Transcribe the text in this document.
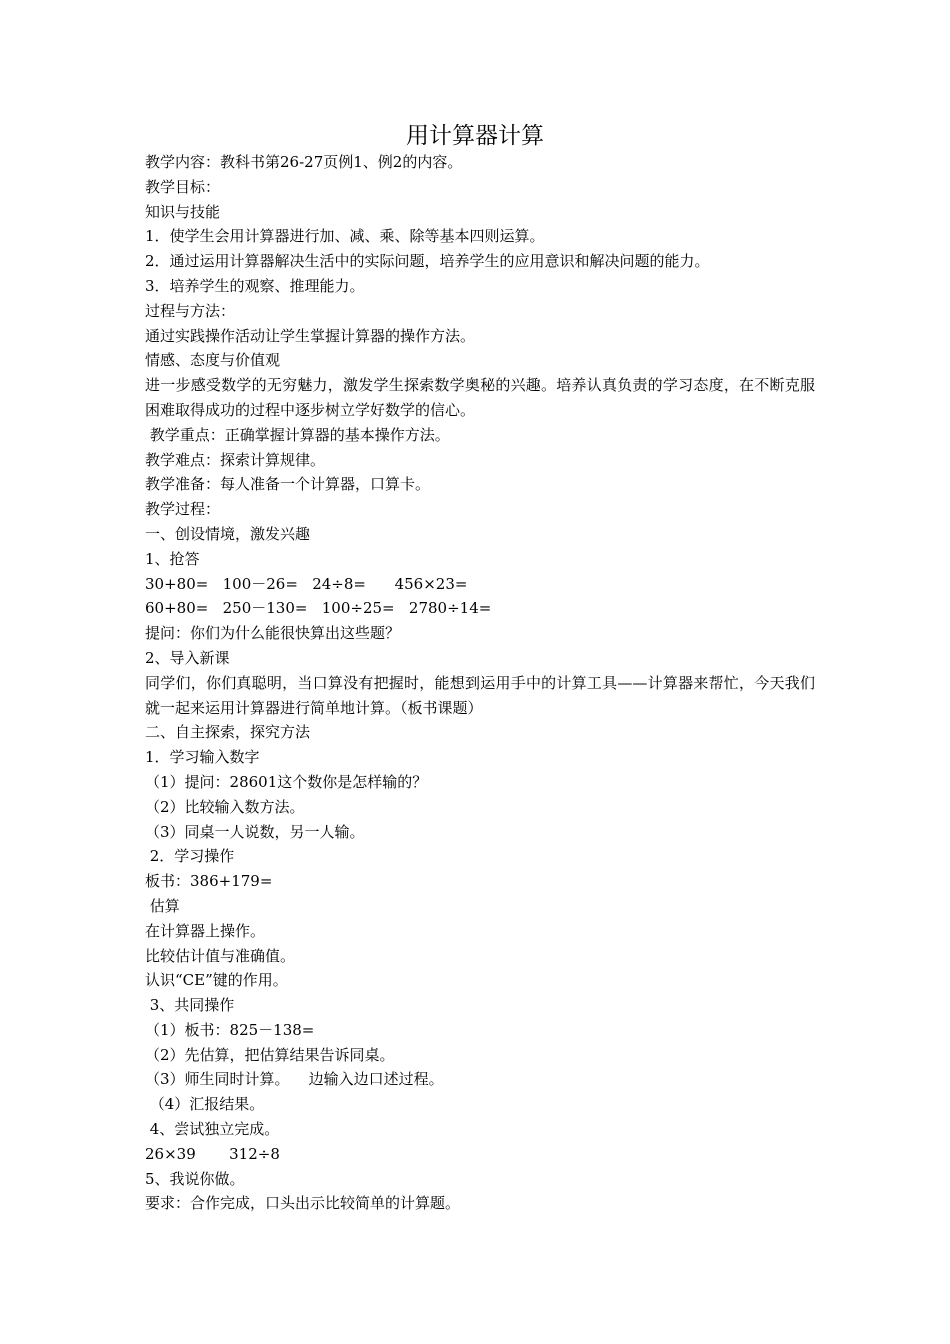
用计算器计算
教学内容：教科书第26-27页例1、例2的内容。
教学目标：
知识与技能
1．使学生会用计算器进行加、减、乘、除等基本四则运算。
2．通过运用计算器解决生活中的实际问题，培养学生的应用意识和解决问题的能力。
3．培养学生的观察、推理能力。
过程与方法：
通过实践操作活动让学生掌握计算器的操作方法。
情感、态度与价值观
进一步感受数学的无穷魅力，激发学生探索数学奥秘的兴趣。培养认真负责的学习态度，在不断克服困难取得成功的过程中逐步树立学好数学的信心。
教学重点：正确掌握计算器的基本操作方法。
教学难点：探索计算规律。
教学准备：每人准备一个计算器，口算卡。
教学过程：
一、创设情境，激发兴趣
1、抢答
30+80=   100－26=   24÷8=      456×23=
60+80=   250－130=   100÷25=   2780÷14=
提问：你们为什么能很快算出这些题？
2、导入新课
同学们，你们真聪明，当口算没有把握时，能想到运用手中的计算工具——计算器来帮忙，今天我们就一起来运用计算器进行简单地计算。（板书课题）
二、自主探索，探究方法
1．学习输入数字
（1）提问：28601这个数你是怎样输的？
（2）比较输入数方法。
（3）同桌一人说数，另一人输。
2．学习操作
板书：386+179=
估算
在计算器上操作。
比较估计值与准确值。
认识“CE”键的作用。
3、共同操作
（1）板书：825－138=
（2）先估算，把估算结果告诉同桌。
（3）师生同时计算。    边输入边口述过程。
（4）汇报结果。
4、尝试独立完成。
26×39       312÷8
5、我说你做。
要求：合作完成，口头出示比较简单的计算题。
